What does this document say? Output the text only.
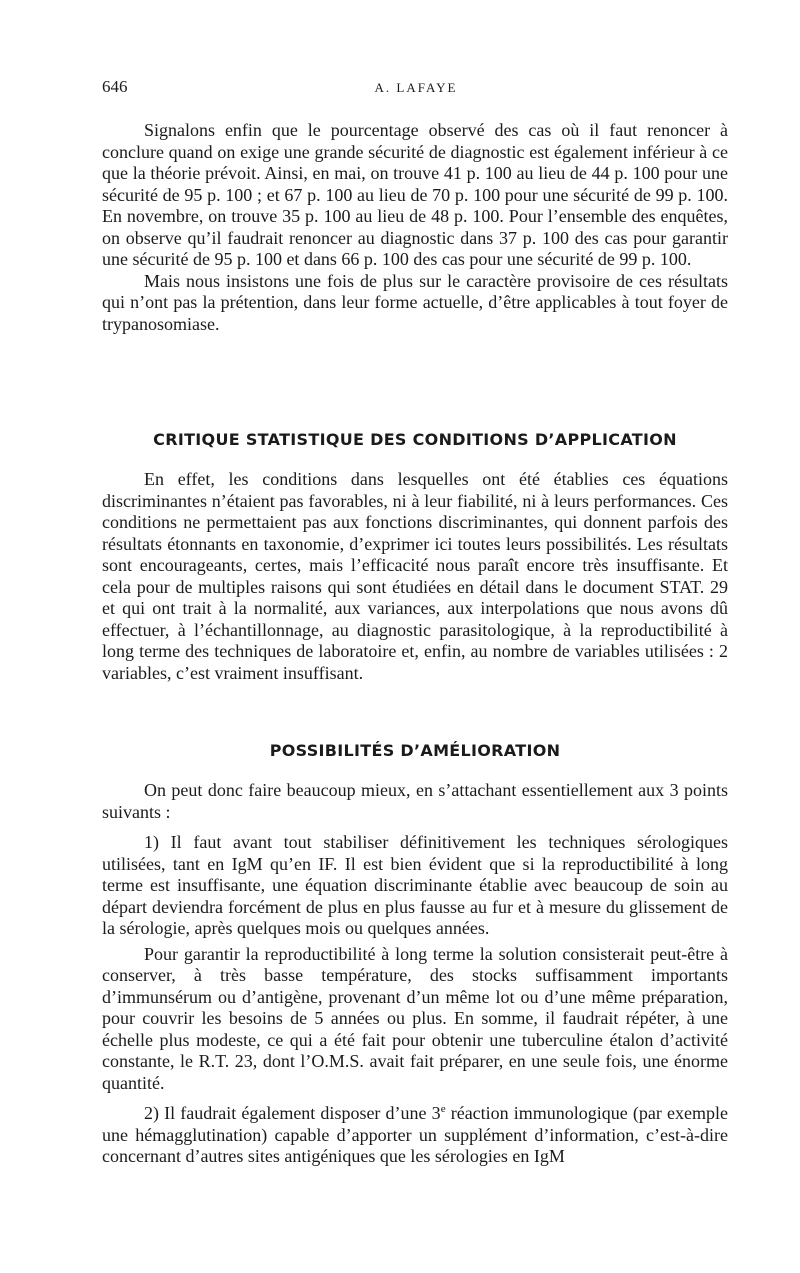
646	A. LAFAYE

Signalons enfin que le pourcentage observé des cas où il faut renoncer à conclure quand on exige une grande sécurité de diagnostic est également inférieur à ce que la théorie prévoit. Ainsi, en mai, on trouve 41 p. 100 au lieu de 44 p. 100 pour une sécurité de 95 p. 100 ; et 67 p. 100 au lieu de 70 p. 100 pour une sécurité de 99 p. 100. En novembre, on trouve 35 p. 100 au lieu de 48 p. 100. Pour l’ensemble des enquêtes, on observe qu’il faudrait renoncer au diagnostic dans 37 p. 100 des cas pour garantir une sécurité de 95 p. 100 et dans 66 p. 100 des cas pour une sécurité de 99 p. 100.

Mais nous insistons une fois de plus sur le caractère provisoire de ces résultats qui n’ont pas la prétention, dans leur forme actuelle, d’être applicables à tout foyer de trypanosomiase.

CRITIQUE STATISTIQUE DES CONDITIONS D’APPLICATION

En effet, les conditions dans lesquelles ont été établies ces équations discriminantes n’étaient pas favorables, ni à leur fiabilité, ni à leurs performances. Ces conditions ne permettaient pas aux fonctions discriminantes, qui donnent parfois des résultats étonnants en taxonomie, d’exprimer ici toutes leurs possibilités. Les résultats sont encourageants, certes, mais l’efficacité nous paraît encore très insuffisante. Et cela pour de multiples raisons qui sont étudiées en détail dans le document STAT. 29 et qui ont trait à la normalité, aux variances, aux interpolations que nous avons dû effectuer, à l’échantillonnage, au diagnostic parasitologique, à la reproductibilité à long terme des techniques de laboratoire et, enfin, au nombre de variables utilisées : 2 variables, c’est vraiment insuffisant.

POSSIBILITÉS D’AMÉLIORATION

On peut donc faire beaucoup mieux, en s’attachant essentiellement aux 3 points suivants :

1) Il faut avant tout stabiliser définitivement les techniques sérologiques utilisées, tant en IgM qu’en IF. Il est bien évident que si la reproductibilité à long terme est insuffisante, une équation discriminante établie avec beaucoup de soin au départ deviendra forcément de plus en plus fausse au fur et à mesure du glissement de la sérologie, après quelques mois ou quelques années.

Pour garantir la reproductibilité à long terme la solution consisterait peut-être à conserver, à très basse température, des stocks suffisamment importants d’immunsérum ou d’antigène, provenant d’un même lot ou d’une même préparation, pour couvrir les besoins de 5 années ou plus. En somme, il faudrait répéter, à une échelle plus modeste, ce qui a été fait pour obtenir une tuberculine étalon d’activité constante, le R.T. 23, dont l’O.M.S. avait fait préparer, en une seule fois, une énorme quantité.

2) Il faudrait également disposer d’une 3e réaction immunologique (par exemple une hémagglutination) capable d’apporter un supplément d’information, c’est-à-dire concernant d’autres sites antigéniques que les sérologies en IgM
